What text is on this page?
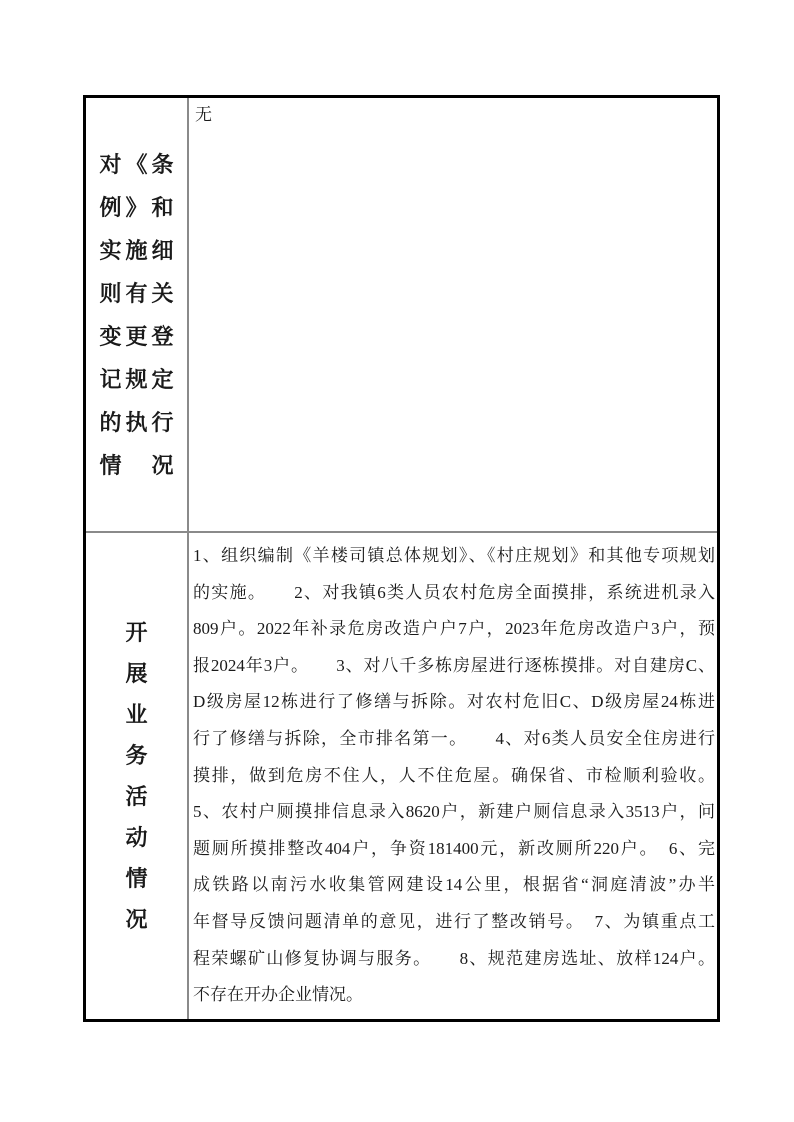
对《条
例》和
实施细
则有关
变更登
记规定
的执行
情况
无
开
展
业
务
活
动
情
况
1、组织编制《羊楼司镇总体规划》、《村庄规划》和其他专项规划
的实施。　　2、对我镇6类人员农村危房全面摸排，系统进机录入
809户。2022年补录危房改造户户7户，2023年危房改造户3户，预
报2024年3户。　　3、对八千多栋房屋进行逐栋摸排。对自建房C、
D级房屋12栋进行了修缮与拆除。对农村危旧C、D级房屋24栋进
行了修缮与拆除，全市排名第一。　　4、对6类人员安全住房进行
摸排，做到危房不住人，人不住危屋。确保省、市检顺利验收。
5、农村户厕摸排信息录入8620户，新建户厕信息录入3513户，问
题厕所摸排整改404户，争资181400元，新改厕所220户。　6、完
成铁路以南污水收集管网建设14公里，根据省“洞庭清波”办半
年督导反馈问题清单的意见，进行了整改销号。　7、为镇重点工
程荣螺矿山修复协调与服务。　　8、规范建房选址、放样124户。
不存在开办企业情况。
